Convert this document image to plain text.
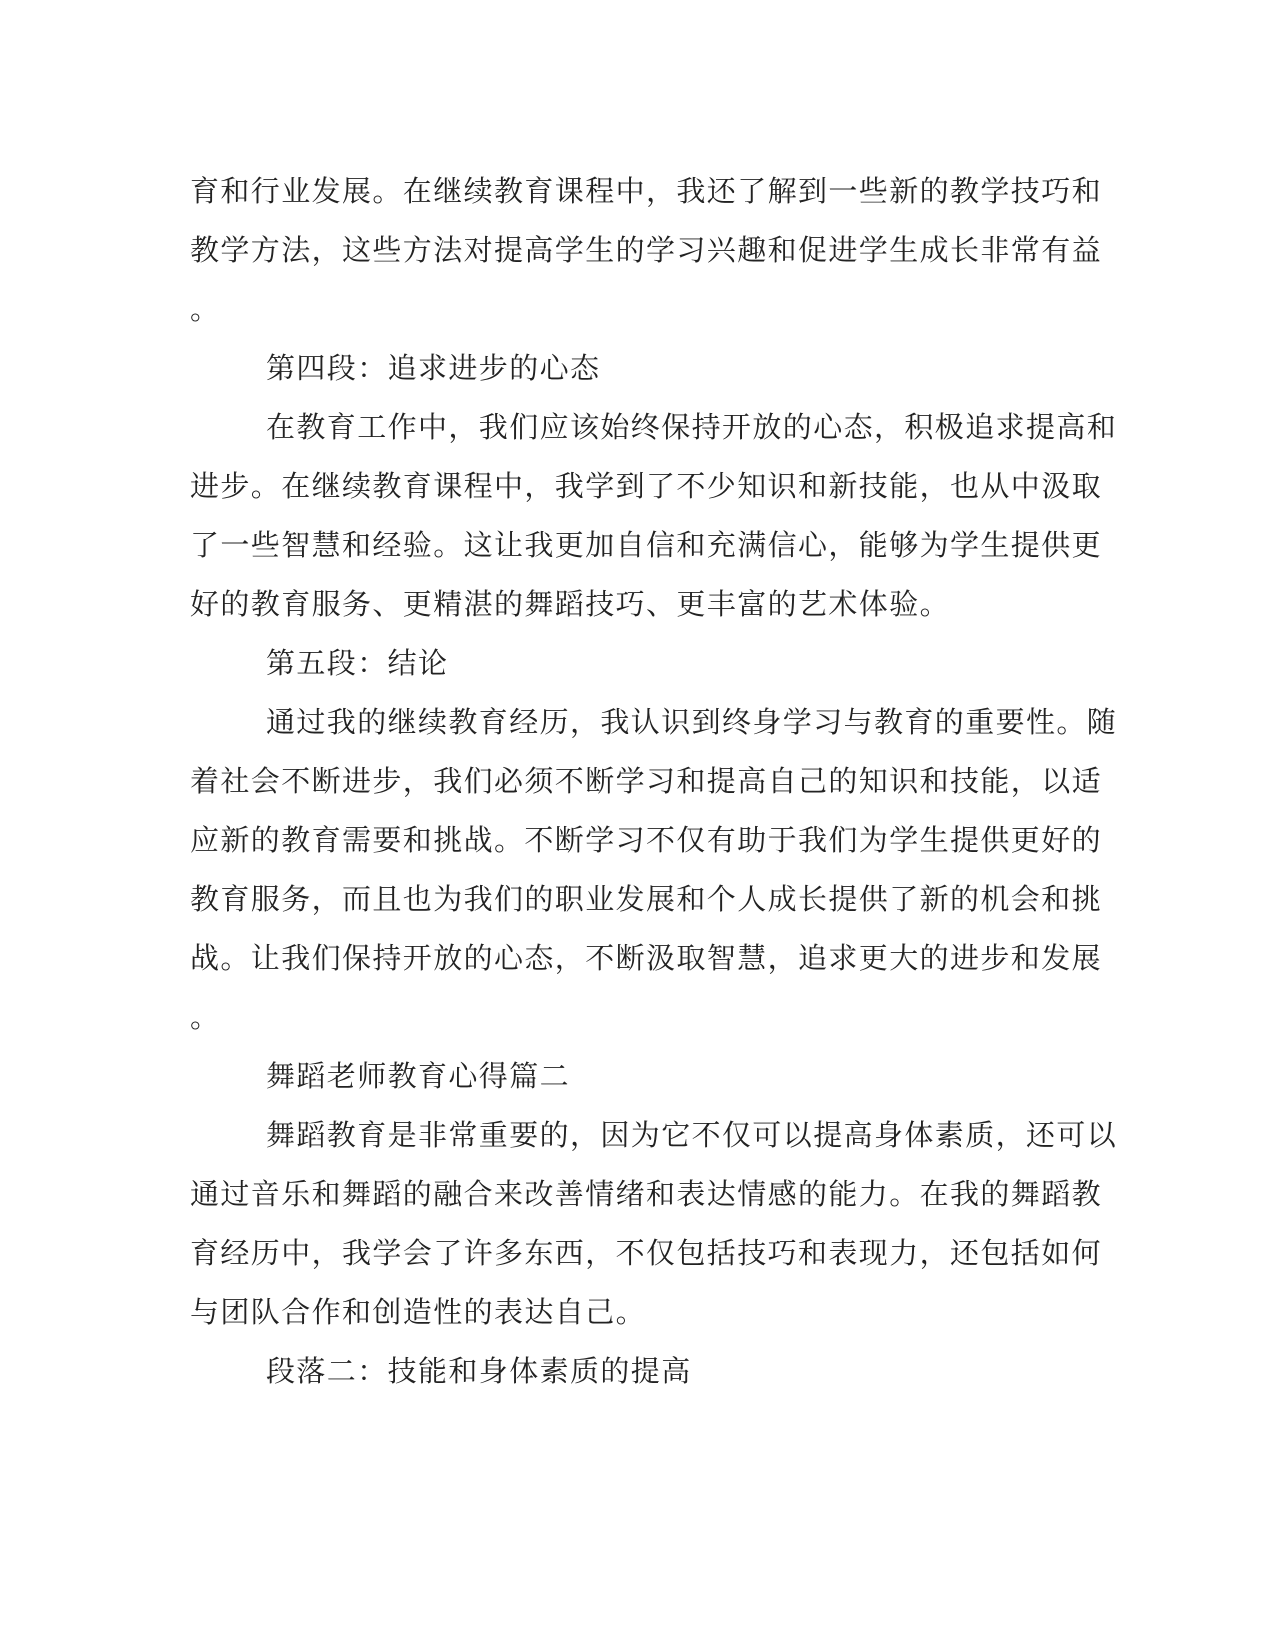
育和行业发展。在继续教育课程中，我还了解到一些新的教学技巧和
教学方法，这些方法对提高学生的学习兴趣和促进学生成长非常有益
。
第四段：追求进步的心态
在教育工作中，我们应该始终保持开放的心态，积极追求提高和
进步。在继续教育课程中，我学到了不少知识和新技能，也从中汲取
了一些智慧和经验。这让我更加自信和充满信心，能够为学生提供更
好的教育服务、更精湛的舞蹈技巧、更丰富的艺术体验。
第五段：结论
通过我的继续教育经历，我认识到终身学习与教育的重要性。随
着社会不断进步，我们必须不断学习和提高自己的知识和技能，以适
应新的教育需要和挑战。不断学习不仅有助于我们为学生提供更好的
教育服务，而且也为我们的职业发展和个人成长提供了新的机会和挑
战。让我们保持开放的心态，不断汲取智慧，追求更大的进步和发展
。
舞蹈老师教育心得篇二
舞蹈教育是非常重要的，因为它不仅可以提高身体素质，还可以
通过音乐和舞蹈的融合来改善情绪和表达情感的能力。在我的舞蹈教
育经历中，我学会了许多东西，不仅包括技巧和表现力，还包括如何
与团队合作和创造性的表达自己。
段落二：技能和身体素质的提高
